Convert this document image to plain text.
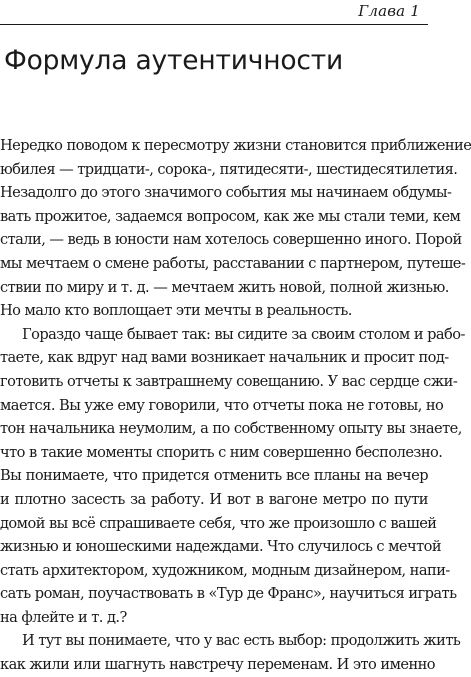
Глава 1
Формула аутентичности
Нередко поводом к пересмотру жизни становится приближение
юбилея — тридцати-, сорока-, пятидесяти-, шестидесятилетия.
Незадолго до этого значимого события мы начинаем обдумы-
вать прожитое, задаемся вопросом, как же мы стали теми, кем
стали, — ведь в юности нам хотелось совершенно иного. Порой
мы мечтаем о смене работы, расставании с партнером, путеше-
ствии по миру и т. д. — мечтаем жить новой, полной жизнью.
Но мало кто воплощает эти мечты в реальность.
Гораздо чаще бывает так: вы сидите за своим столом и рабо-
таете, как вдруг над вами возникает начальник и просит под-
готовить отчеты к завтрашнему совещанию. У вас сердце сжи-
мается. Вы уже ему говорили, что отчеты пока не готовы, но
тон начальника неумолим, а по собственному опыту вы знаете,
что в такие моменты спорить с ним совершенно бесполезно.
Вы понимаете, что придется отменить все планы на вечер
и плотно засесть за работу. И вот в вагоне метро по пути
домой вы всё спрашиваете себя, что же произошло с вашей
жизнью и юношескими надеждами. Что случилось с мечтой
стать архитектором, художником, модным дизайнером, напи-
сать роман, поучаствовать в «Тур де Франс», научиться играть
на флейте и т. д.?
И тут вы понимаете, что у вас есть выбор: продолжить жить
как жили или шагнуть навстречу переменам. И это именно
